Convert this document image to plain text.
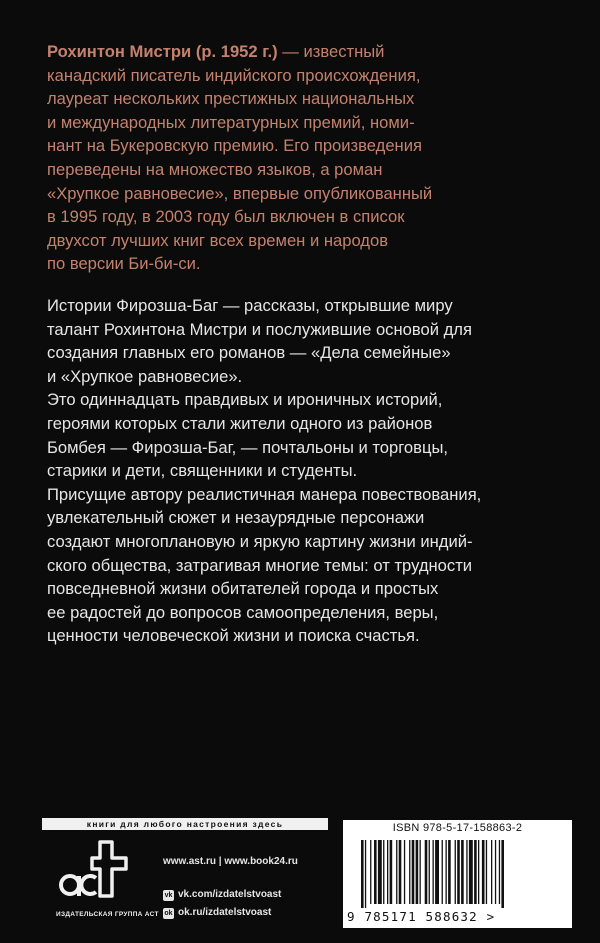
Рохинтон Мистри (р. 1952 г.) — известный
канадский писатель индийского происхождения,
лауреат нескольких престижных национальных
и международных литературных премий, номи-
нант на Букеровскую премию. Его произведения
переведены на множество языков, а роман
«Хрупкое равновесие», впервые опубликованный
в 1995 году, в 2003 году был включен в список
двухсот лучших книг всех времен и народов
по версии Би-би-си.

Истории Фирозша-Баг — рассказы, открывшие миру
талант Рохинтона Мистри и послужившие основой для
создания главных его романов — «Дела семейные»
и «Хрупкое равновесие».

Это одиннадцать правдивых и ироничных историй,
героями которых стали жители одного из районов
Бомбея — Фирозша-Баг, — почтальоны и торговцы,
старики и дети, священники и студенты.

Присущие автору реалистичная манера повествования,
увлекательный сюжет и незаурядные персонажи
создают многоплановую и яркую картину жизни индий-
ского общества, затрагивая многие темы: от трудности
повседневной жизни обитателей города и простых
ее радостей до вопросов самоопределения, веры,
ценности человеческой жизни и поиска счастья.

книги для любого настроения здесь
ИЗДАТЕЛЬСКАЯ ГРУППА АСТ
www.ast.ru | www.book24.ru
vk vk.com/izdatelstvoast
ok ok.ru/izdatelstvoast
ISBN 978-5-17-158863-2
9 785171 588632 >
